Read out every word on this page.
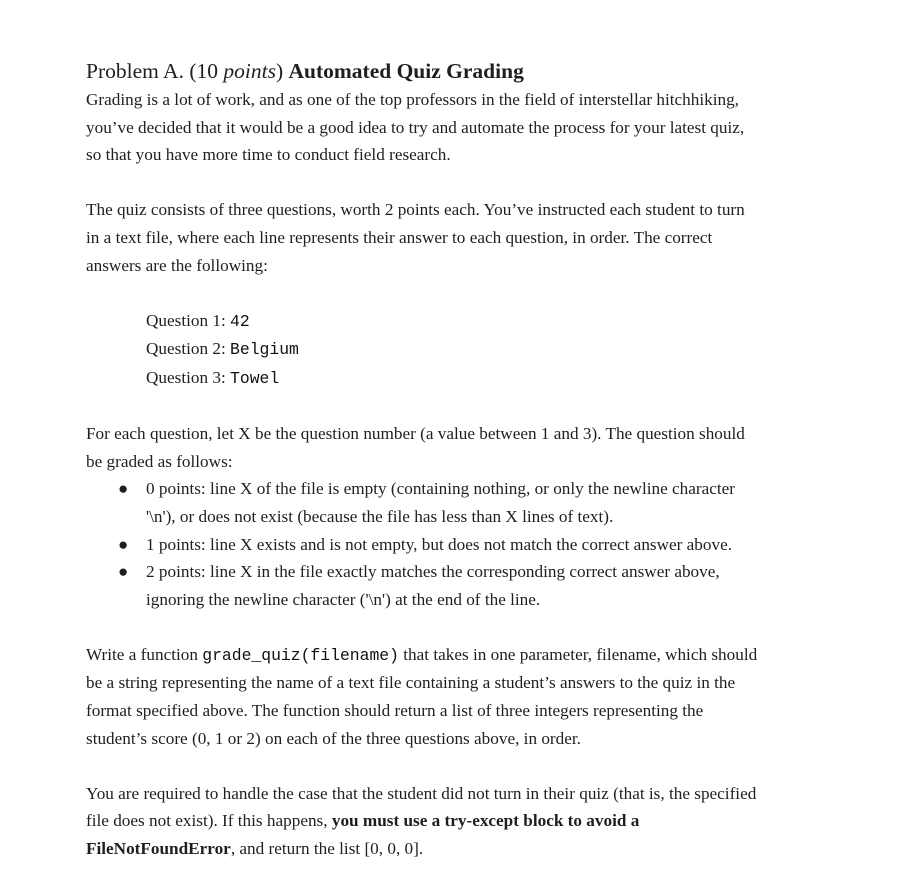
Problem A. (10 points) Automated Quiz Grading

Grading is a lot of work, and as one of the top professors in the field of interstellar hitchhiking,
you’ve decided that it would be a good idea to try and automate the process for your latest quiz,
so that you have more time to conduct field research.

The quiz consists of three questions, worth 2 points each. You’ve instructed each student to turn
in a text file, where each line represents their answer to each question, in order. The correct
answers are the following:

Question 1: 42
Question 2: Belgium
Question 3: Towel

For each question, let X be the question number (a value between 1 and 3). The question should
be graded as follows:

● 0 points: line X of the file is empty (containing nothing, or only the newline character
'\n'), or does not exist (because the file has less than X lines of text).
● 1 points: line X exists and is not empty, but does not match the correct answer above.
● 2 points: line X in the file exactly matches the corresponding correct answer above,
ignoring the newline character ('\n') at the end of the line.

Write a function grade_quiz(filename) that takes in one parameter, filename, which should
be a string representing the name of a text file containing a student’s answers to the quiz in the
format specified above. The function should return a list of three integers representing the
student’s score (0, 1 or 2) on each of the three questions above, in order.

You are required to handle the case that the student did not turn in their quiz (that is, the specified
file does not exist). If this happens, you must use a try-except block to avoid a
FileNotFoundError, and return the list [0, 0, 0].
